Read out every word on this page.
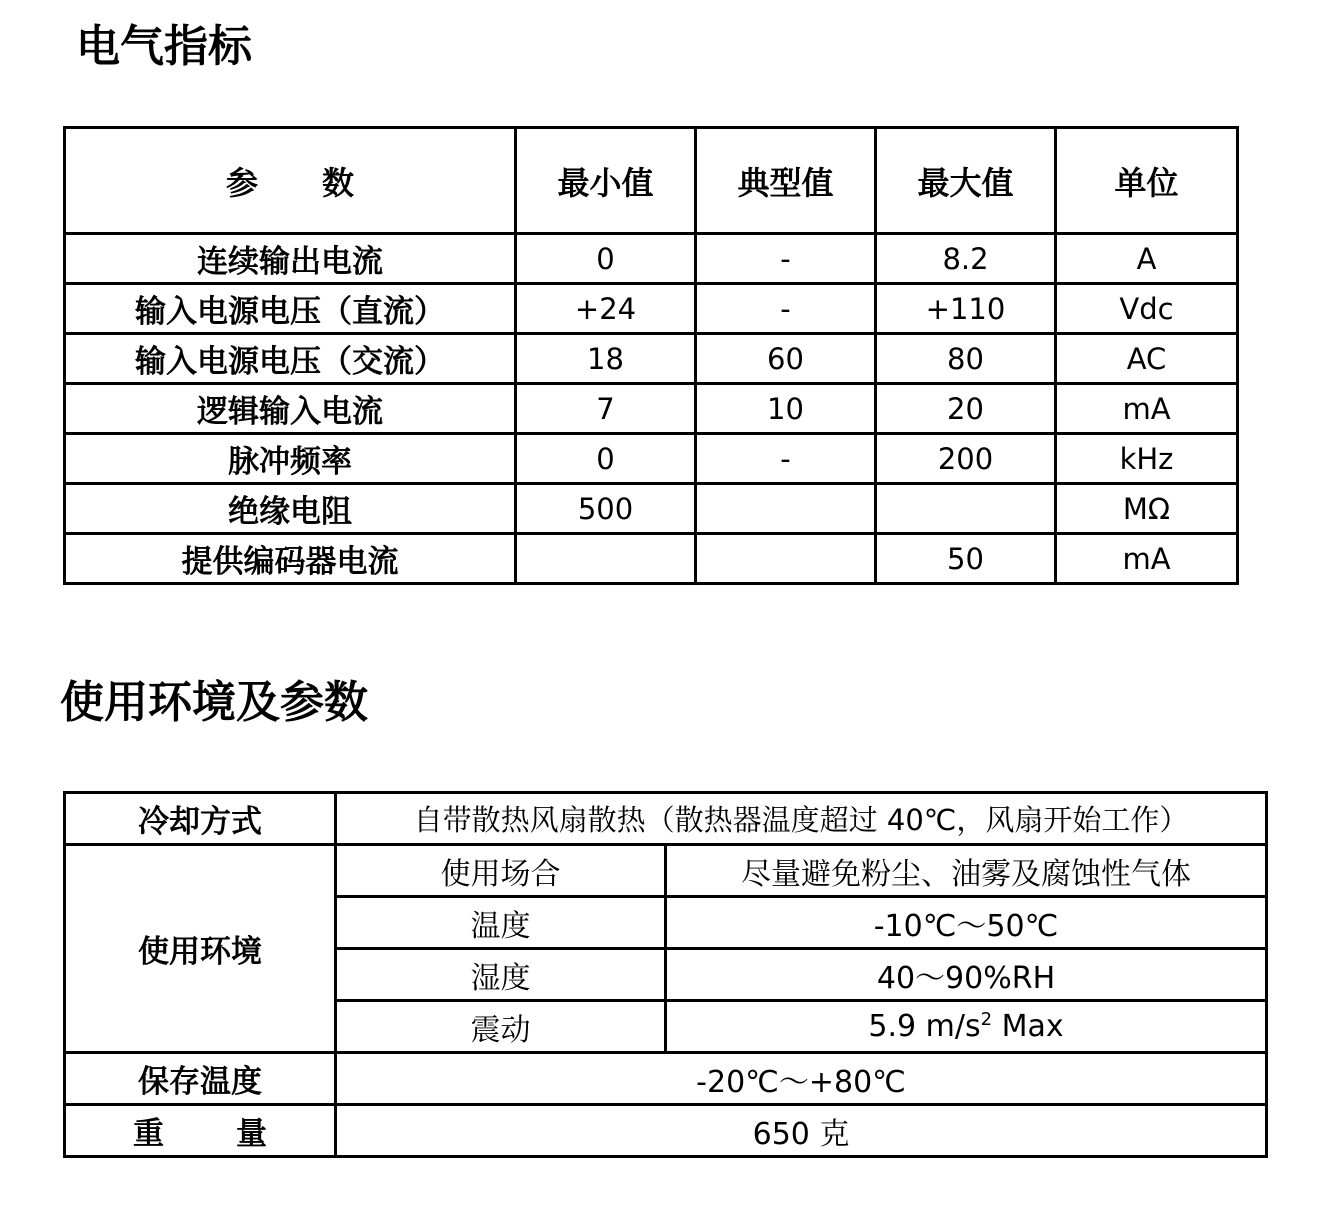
电气指标
参 数	最小值	典型值	最大值	单位
连续输出电流	0	-	8.2	A
输入电源电压（直流）	+24	-	+110	Vdc
输入电源电压（交流）	18	60	80	AC
逻辑输入电流	7	10	20	mA
脉冲频率	0	-	200	kHz
绝缘电阻	500			MΩ
提供编码器电流			50	mA
使用环境及参数
冷却方式	自带散热风扇散热（散热器温度超过 40℃，风扇开始工作）	
使用环境	使用场合	尽量避免粉尘、油雾及腐蚀性气体
	温度	-10℃～50℃
	湿度	40～90%RH
	震动	5.9 $m/s^2$ Max
保存温度	-20℃～+80℃	
重 量	650 克	
